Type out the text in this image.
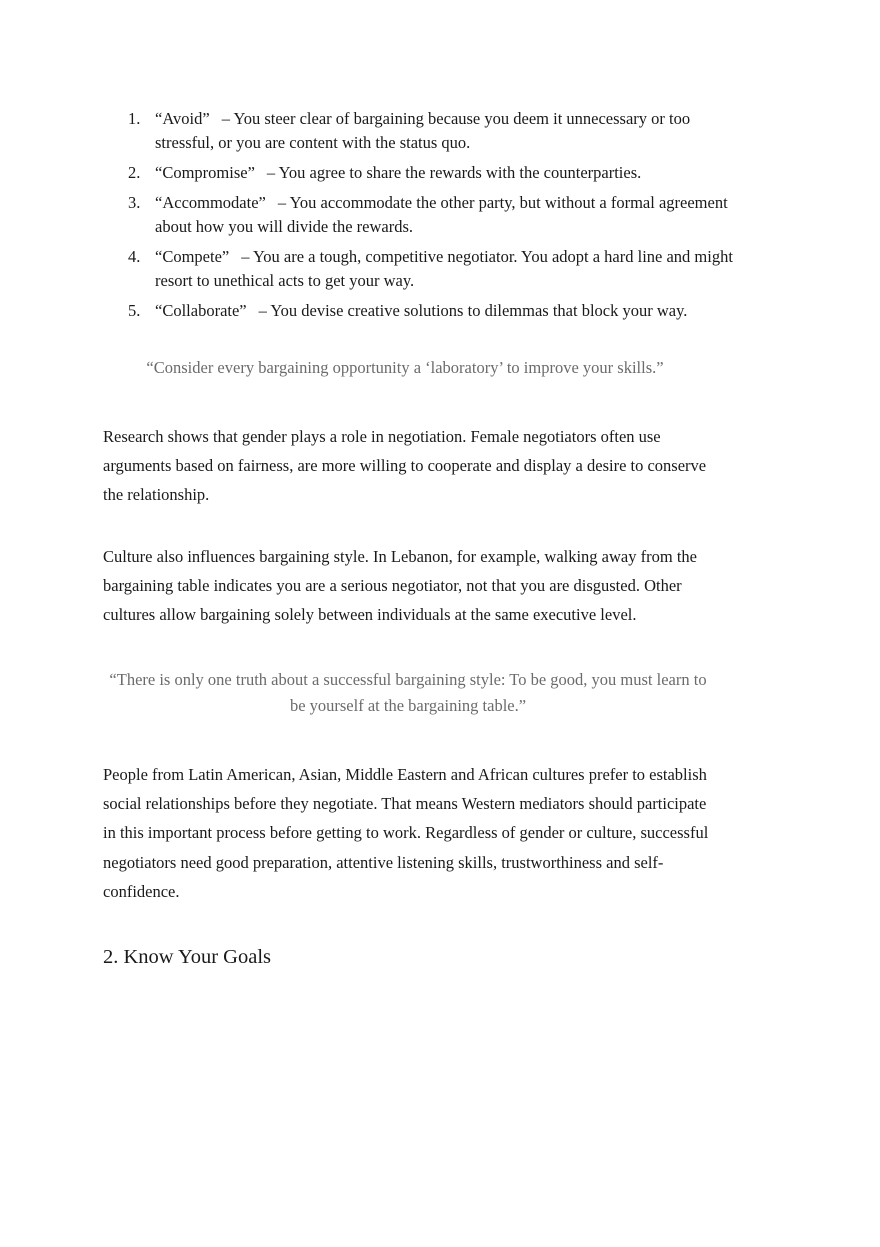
1. “Avoid” – You steer clear of bargaining because you deem it unnecessary or too stressful, or you are content with the status quo.
2. “Compromise” – You agree to share the rewards with the counterparties.
3. “Accommodate” – You accommodate the other party, but without a formal agreement about how you will divide the rewards.
4. “Compete” – You are a tough, competitive negotiator. You adopt a hard line and might resort to unethical acts to get your way.
5. “Collaborate” – You devise creative solutions to dilemmas that block your way.
“Consider every bargaining opportunity a ‘laboratory’ to improve your skills.”

Research shows that gender plays a role in negotiation. Female negotiators often use arguments based on fairness, are more willing to cooperate and display a desire to conserve the relationship.

Culture also influences bargaining style. In Lebanon, for example, walking away from the bargaining table indicates you are a serious negotiator, not that you are disgusted. Other cultures allow bargaining solely between individuals at the same executive level.

“There is only one truth about a successful bargaining style: To be good, you must learn to be yourself at the bargaining table.”

People from Latin American, Asian, Middle Eastern and African cultures prefer to establish social relationships before they negotiate. That means Western mediators should participate in this important process before getting to work. Regardless of gender or culture, successful negotiators need good preparation, attentive listening skills, trustworthiness and self-confidence.

2. Know Your Goals
